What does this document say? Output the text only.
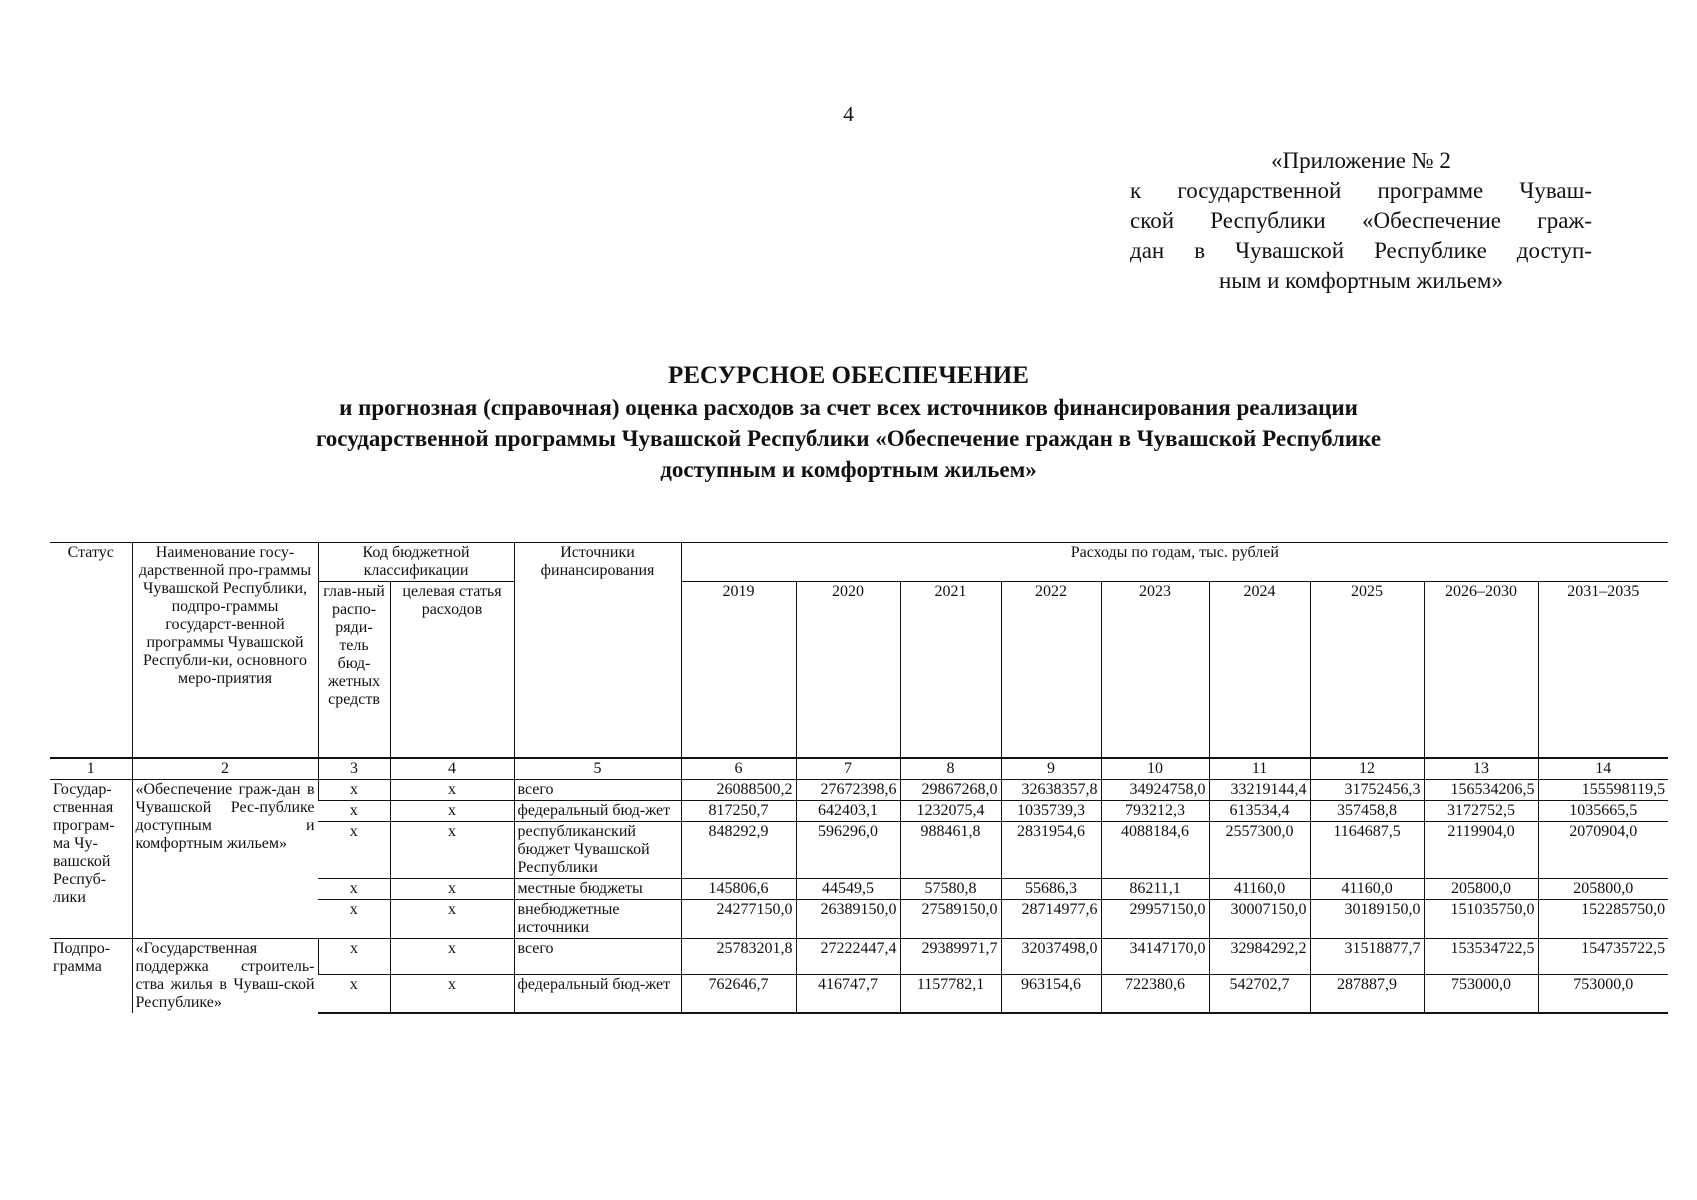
4
«Приложение № 2
к государственной программе Чуваш-
ской Республики «Обеспечение граж-
дан в Чувашской Республике доступ-
ным и комфортным жильем»
РЕСУРСНОЕ ОБЕСПЕЧЕНИЕ
и прогнозная (справочная) оценка расходов за счет всех источников финансирования реализации
государственной программы Чувашской Республики «Обеспечение граждан в Чувашской Республике
доступным и комфортным жильем»
Статус	Наименование госу-дарственной про-граммы Чувашской Республики, подпро-граммы государст-венной программы Чувашской Республи-ки, основного меро-приятия	Код бюджетной классификации		Источники финансирования	Расходы по годам, тыс. рублей								
		глав-ный распо-ряди-тель бюд-жетных средств	целевая статья расходов		2019	2020	2021	2022	2023	2024	2025	2026–2030	2031–2035
1	2	3	4	5	6	7	8	9	10	11	12	13	14
Государ-ственная програм-ма Чу-вашской Респуб-лики	«Обеспечение граж-дан в Чувашской Рес-публике доступным и комфортным жильем»	х	х	всего	26088500,2	27672398,6	29867268,0	32638357,8	34924758,0	33219144,4	31752456,3	156534206,5	155598119,5
		х	х	федеральный бюд-жет	817250,7	642403,1	1232075,4	1035739,3	793212,3	613534,4	357458,8	3172752,5	1035665,5
		х	х	республиканский бюджет Чувашской Республики	848292,9	596296,0	988461,8	2831954,6	4088184,6	2557300,0	1164687,5	2119904,0	2070904,0
		х	х	местные бюджеты	145806,6	44549,5	57580,8	55686,3	86211,1	41160,0	41160,0	205800,0	205800,0
		х	х	внебюджетные источники	24277150,0	26389150,0	27589150,0	28714977,6	29957150,0	30007150,0	30189150,0	151035750,0	152285750,0
Подпро-грамма	«Государственная поддержка строитель-ства жилья в Чуваш-ской Республике»	х	х	всего	25783201,8	27222447,4	29389971,7	32037498,0	34147170,0	32984292,2	31518877,7	153534722,5	154735722,5
		х	х	федеральный бюд-жет	762646,7	416747,7	1157782,1	963154,6	722380,6	542702,7	287887,9	753000,0	753000,0
